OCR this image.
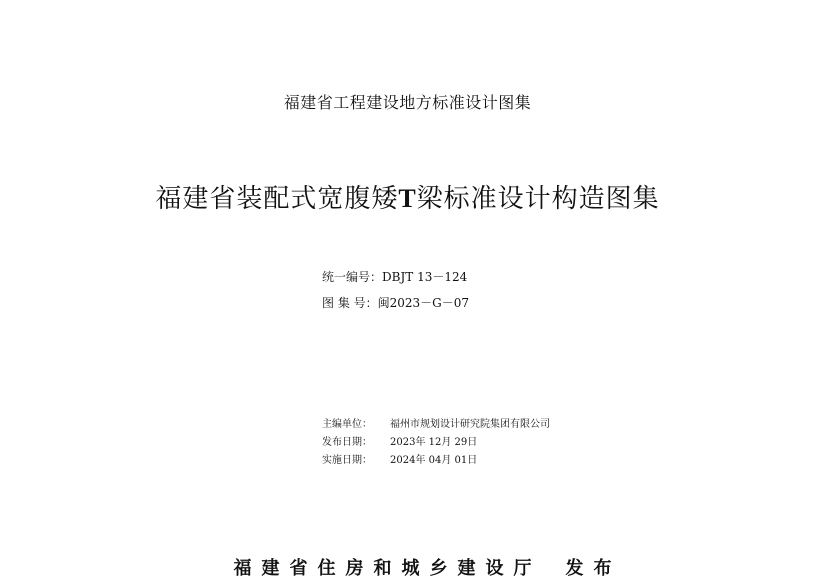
福建省工程建设地方标准设计图集
福建省装配式宽腹矮T梁标准设计构造图集
统一编号：DBJT 13－124
图 集 号：闽2023－G－07
主编单位： 福州市规划设计研究院集团有限公司
发布日期： 2023年 12月 29日
实施日期： 2024年 04月 01日

福建省住房和城乡建设厅 发布
